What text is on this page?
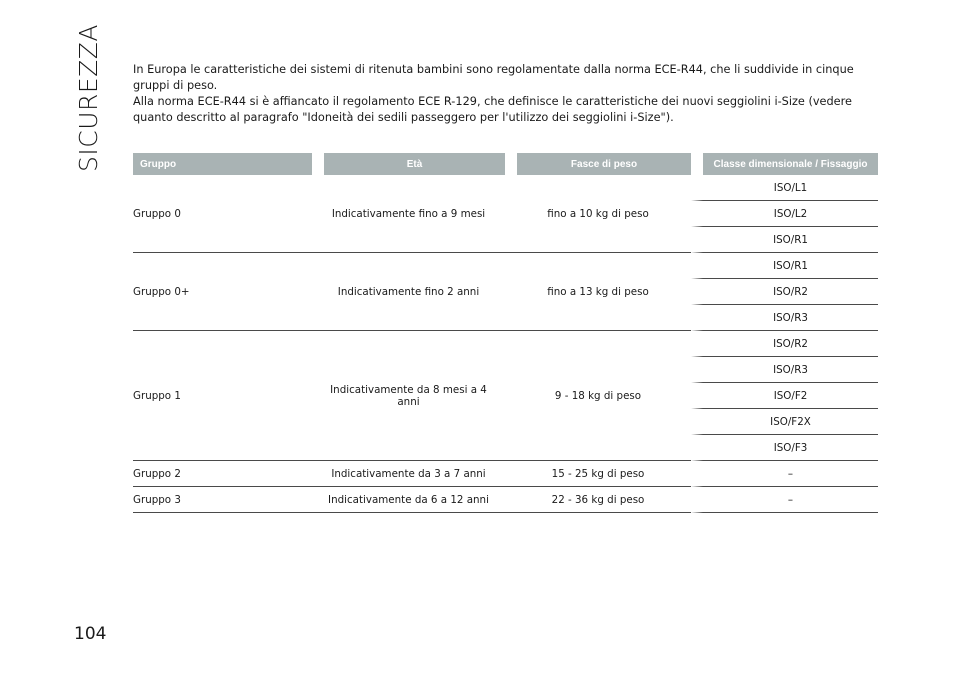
SICUREZZA	In Europa le caratteristiche dei sistemi di ritenuta bambini sono regolamentate dalla norma ECE-R44, che li suddivide in cinque gruppi di peso.

Alla norma ECE-R44 si è affiancato il regolamento ECE R-129, che definisce le caratteristiche dei nuovi seggiolini i-Size (vedere quanto descritto al paragrafo "Idoneità dei sedili passeggero per l'utilizzo dei seggiolini i-Size").

Gruppo	Età	Fasce di peso	Classe dimensionale / Fissaggio
Gruppo 0	Indicativamente fino a 9 mesi	fino a 10 kg di peso	ISO/L1
			ISO/L2
			ISO/R1
Gruppo 0+	Indicativamente fino 2 anni	fino a 13 kg di peso	ISO/R1
			ISO/R2
			ISO/R3
Gruppo 1	Indicativamente da 8 mesi a 4 anni	9 - 18 kg di peso	ISO/R2
			ISO/R3
			ISO/F2
			ISO/F2X
			ISO/F3
Gruppo 2	Indicativamente da 3 a 7 anni	15 - 25 kg di peso	–
Gruppo 3	Indicativamente da 6 a 12 anni	22 - 36 kg di peso	–
104
